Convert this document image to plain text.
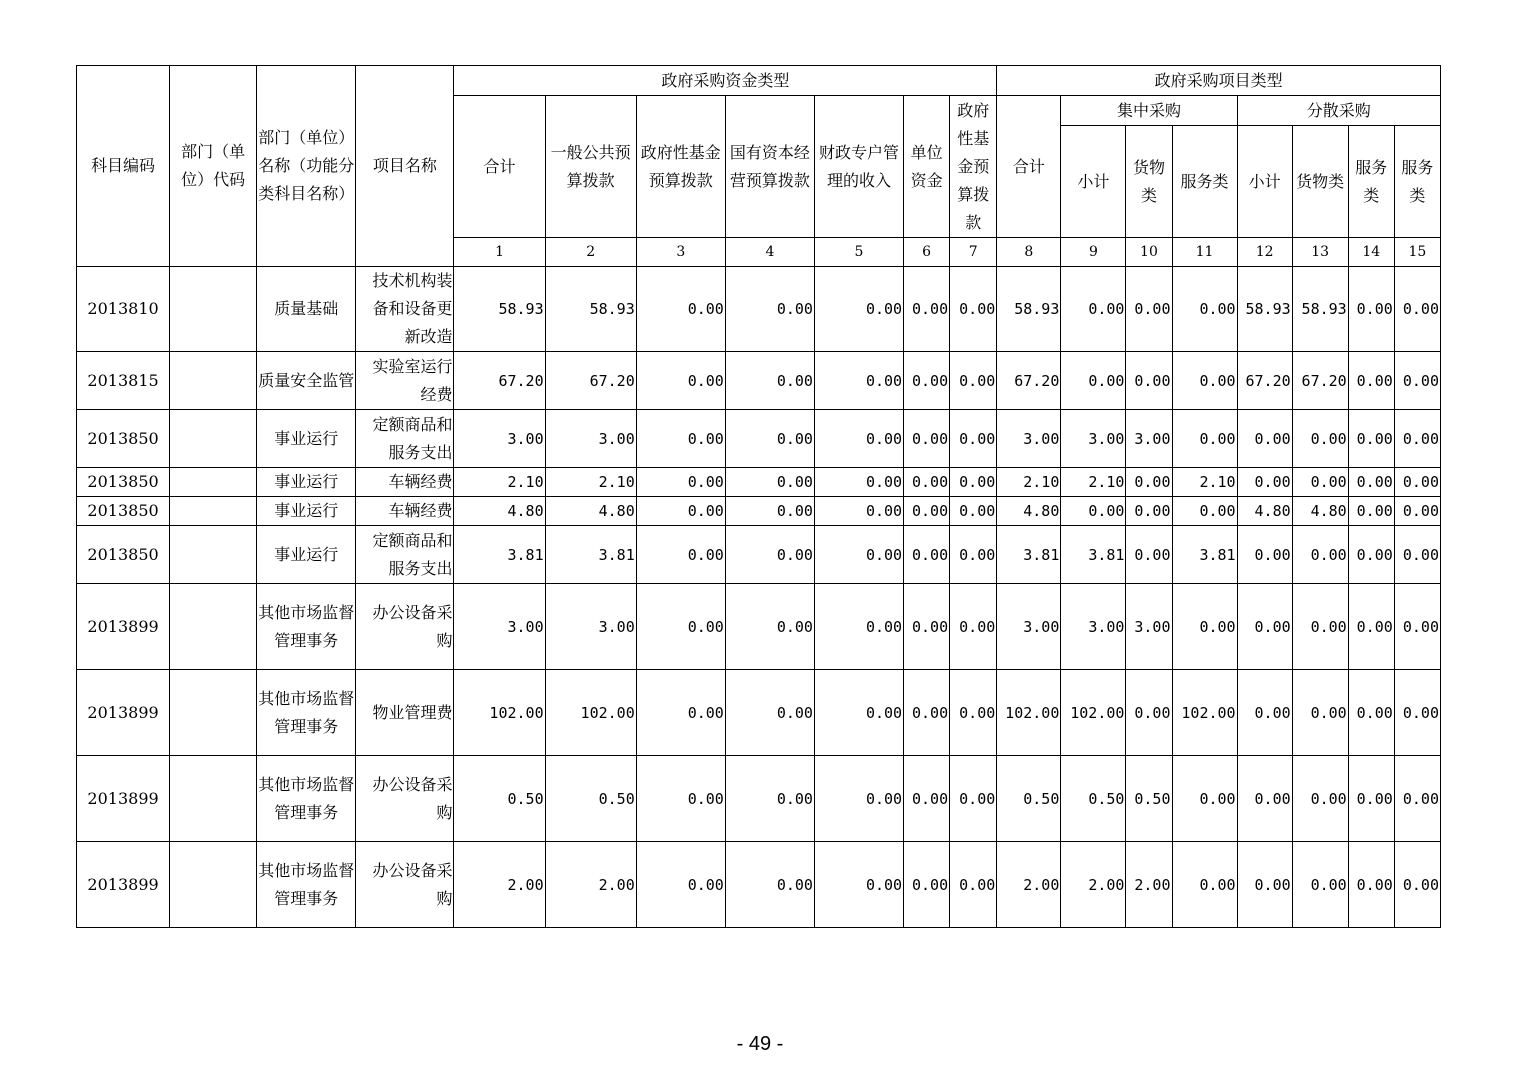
科目编码	部门（单位）代码	部门（单位）名称（功能分类科目名称）	项目名称	政府采购资金类型							政府采购项目类型							
				合计	一般公共预算拨款	政府性基金预算拨款	国有资本经营预算拨款	财政专户管理的收入	单位资金	政府性基金预算拨款	合计	集中采购			分散采购			
												小计	货物类	服务类	小计	货物类	服务类	服务类
				1	2	3	4	5	6	7	8	9	10	11	12	13	14	15
2013810		质量基础	技术机构装备和设备更新改造	58.93	58.93	0.00	0.00	0.00	0.00	0.00	58.93	0.00	0.00	0.00	58.93	58.93	0.00	0.00
2013815		质量安全监管	实验室运行经费	67.20	67.20	0.00	0.00	0.00	0.00	0.00	67.20	0.00	0.00	0.00	67.20	67.20	0.00	0.00
2013850		事业运行	定额商品和服务支出	3.00	3.00	0.00	0.00	0.00	0.00	0.00	3.00	3.00	3.00	0.00	0.00	0.00	0.00	0.00
2013850		事业运行	车辆经费	2.10	2.10	0.00	0.00	0.00	0.00	0.00	2.10	2.10	0.00	2.10	0.00	0.00	0.00	0.00
2013850		事业运行	车辆经费	4.80	4.80	0.00	0.00	0.00	0.00	0.00	4.80	0.00	0.00	0.00	4.80	4.80	0.00	0.00
2013850		事业运行	定额商品和服务支出	3.81	3.81	0.00	0.00	0.00	0.00	0.00	3.81	3.81	0.00	3.81	0.00	0.00	0.00	0.00
2013899		其他市场监督管理事务	办公设备采购	3.00	3.00	0.00	0.00	0.00	0.00	0.00	3.00	3.00	3.00	0.00	0.00	0.00	0.00	0.00
2013899		其他市场监督管理事务	物业管理费	102.00	102.00	0.00	0.00	0.00	0.00	0.00	102.00	102.00	0.00	102.00	0.00	0.00	0.00	0.00
2013899		其他市场监督管理事务	办公设备采购	0.50	0.50	0.00	0.00	0.00	0.00	0.00	0.50	0.50	0.50	0.00	0.00	0.00	0.00	0.00
2013899		其他市场监督管理事务	办公设备采购	2.00	2.00	0.00	0.00	0.00	0.00	0.00	2.00	2.00	2.00	0.00	0.00	0.00	0.00	0.00
- 49 -
